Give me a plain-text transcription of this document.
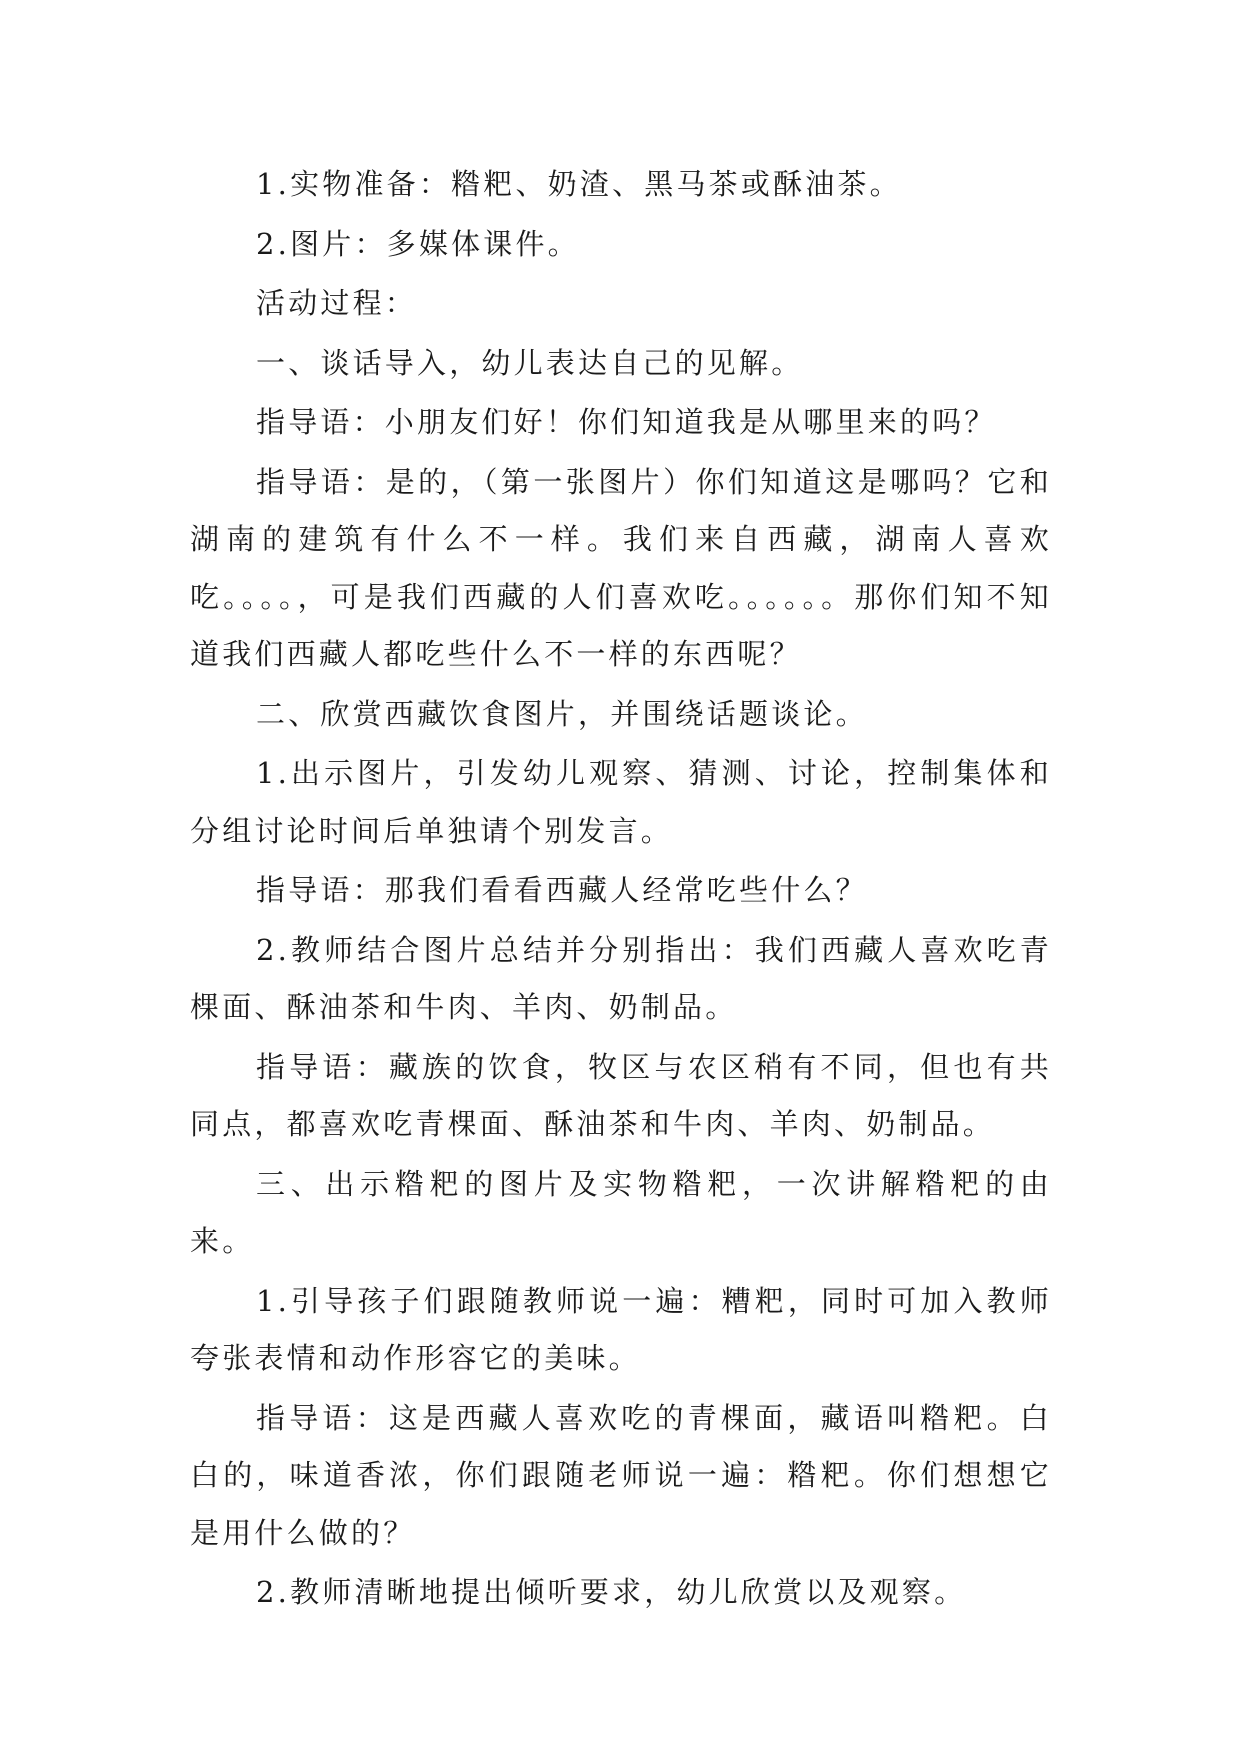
1.实物准备：糌粑、奶渣、黑马茶或酥油茶。

2.图片：多媒体课件。

活动过程：

一、谈话导入，幼儿表达自己的见解。

指导语：小朋友们好！你们知道我是从哪里来的吗？

指导语：是的，（第一张图片）你们知道这是哪吗？它和湖南的建筑有什么不一样。我们来自西藏，湖南人喜欢吃。。。。，可是我们西藏的人们喜欢吃。。。。。。那你们知不知道我们西藏人都吃些什么不一样的东西呢？

二、欣赏西藏饮食图片，并围绕话题谈论。

1.出示图片，引发幼儿观察、猜测、讨论，控制集体和分组讨论时间后单独请个别发言。

指导语：那我们看看西藏人经常吃些什么？

2.教师结合图片总结并分别指出：我们西藏人喜欢吃青棵面、酥油茶和牛肉、羊肉、奶制品。

指导语：藏族的饮食，牧区与农区稍有不同，但也有共同点，都喜欢吃青棵面、酥油茶和牛肉、羊肉、奶制品。

三、出示糌粑的图片及实物糌粑，一次讲解糌粑的由来。

1.引导孩子们跟随教师说一遍：糟粑，同时可加入教师夸张表情和动作形容它的美味。

指导语：这是西藏人喜欢吃的青棵面，藏语叫糌粑。白白的，味道香浓，你们跟随老师说一遍：糌粑。你们想想它是用什么做的？

2.教师清晰地提出倾听要求，幼儿欣赏以及观察。
